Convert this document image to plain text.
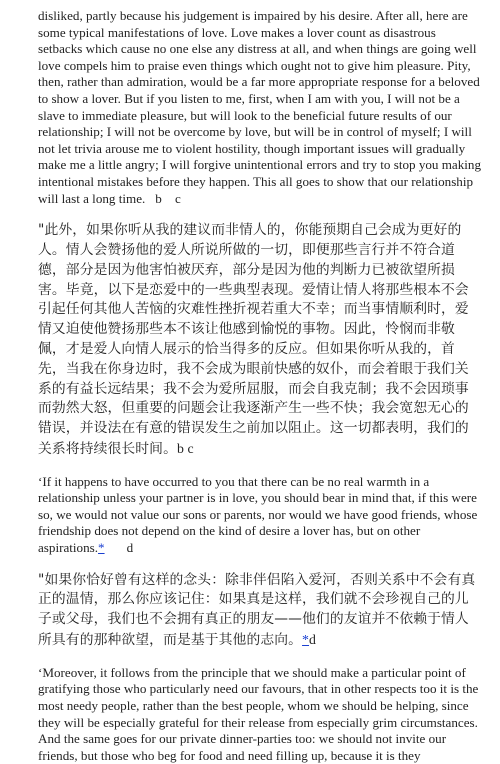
disliked, partly because his judgement is impaired by his desire. After all, here are some typical manifestations of love. Love makes a lover count as disastrous setbacks which cause no one else any distress at all, and when things are going well love compels him to praise even things which ought not to give him pleasure. Pity, then, rather than admiration, would be a far more appropriate response for a beloved to show a lover. But if you listen to me, first, when I am with you, I will not be a slave to immediate pleasure, but will look to the beneficial future results of our relationship; I will not be overcome by love, but will be in control of myself; I will not let trivia arouse me to violent hostility, though important issues will gradually make me a little angry; I will forgive unintentional errors and try to stop you making intentional mistakes before they happen. This all goes to show that our relationship will last a long time. b    c

"此外，如果你听从我的建议而非情人的，你能预期自己会成为更好的人。情人会赞扬他的爱人所说所做的一切，即便那些言行并不符合道德，部分是因为他害怕被厌弃，部分是因为他的判断力已被欲望所损害。毕竟，以下是恋爱中的一些典型表现。爱情让情人将那些根本不会引起任何其他人苦恼的灾难性挫折视若重大不幸；而当事情顺利时，爱情又迫使他赞扬那些本不该让他感到愉悦的事物。因此，怜悯而非敬佩，才是爱人向情人展示的恰当得多的反应。但如果你听从我的，首先，当我在你身边时，我不会成为眼前快感的奴仆，而会着眼于我们关系的有益长远结果；我不会为爱所屈服，而会自我克制；我不会因琐事而勃然大怒，但重要的问题会让我逐渐产生一些不快；我会宽恕无心的错误，并设法在有意的错误发生之前加以阻止。这一切都表明，我们的关系将持续很长时间。b c

‘If it happens to have occurred to you that there can be no real warmth in a relationship unless your partner is in love, you should bear in mind that, if this were so, we would not value our sons or parents, nor would we have good friends, whose friendship does not depend on the kind of desire a lover has, but on other aspirations.* d

"如果你恰好曾有这样的念头：除非伴侣陷入爱河，否则关系中不会有真正的温情，那么你应该记住：如果真是这样，我们就不会珍视自己的儿子或父母，我们也不会拥有真正的朋友——他们的友谊并不依赖于情人所具有的那种欲望，而是基于其他的志向。*d

‘Moreover, it follows from the principle that we should make a particular point of gratifying those who particularly need our favours, that in other respects too it is the most needy people, rather than the best people, whom we should be helping, since they will be especially grateful for their release from especially grim circumstances. And the same goes for our private dinner-parties too: we should not invite our friends, but those who beg for food and need filling up, because it is they
